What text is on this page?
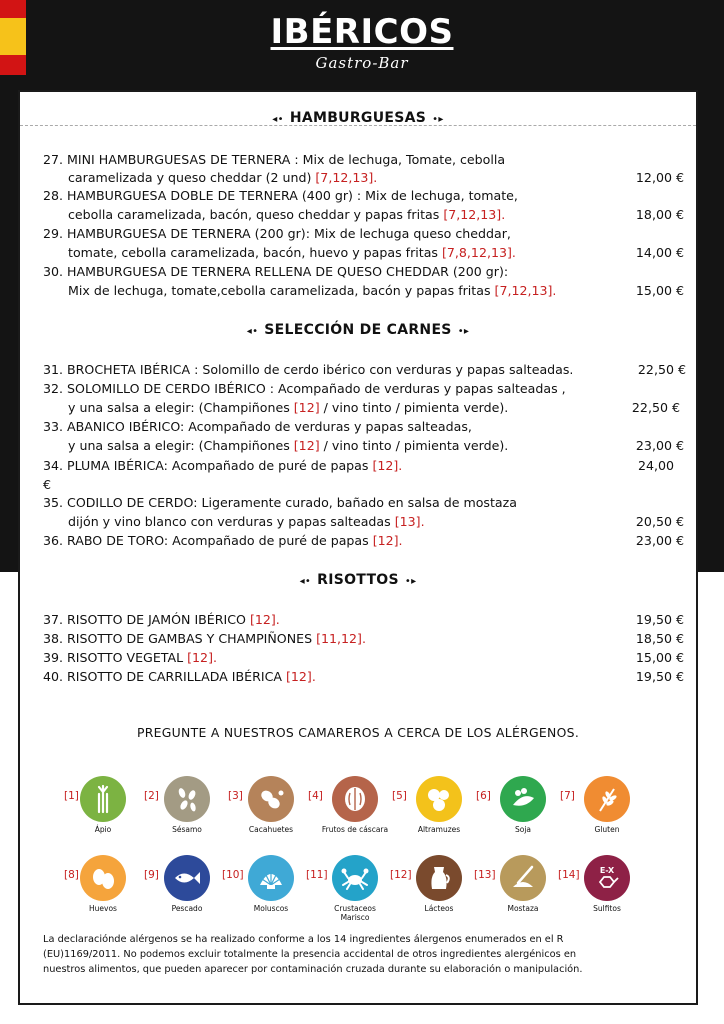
IBÉRICOS
Gastro-Bar
◂• HAMBURGUESAS •▸
27. MINI HAMBURGUESAS DE TERNERA : Mix de lechuga, Tomate, cebolla
caramelizada y queso cheddar (2 und) [7,12,13].	12,00 €
28. HAMBURGUESA DOBLE DE TERNERA (400 gr) : Mix de lechuga, tomate,
cebolla caramelizada, bacón, queso cheddar y papas fritas [7,12,13].	18,00 €
29. HAMBURGUESA DE TERNERA (200 gr): Mix de lechuga queso cheddar,
tomate, cebolla caramelizada, bacón, huevo y papas fritas [7,8,12,13].	14,00 €
30. HAMBURGUESA DE TERNERA RELLENA DE QUESO CHEDDAR (200 gr):
Mix de lechuga, tomate,cebolla caramelizada, bacón y papas fritas [7,12,13].	15,00 €
◂• SELECCIÓN DE CARNES •▸
31. BROCHETA IBÉRICA : Solomillo de cerdo ibérico con verduras y papas salteadas.	22,50 €
32. SOLOMILLO DE CERDO IBÉRICO : Acompañado de verduras y papas salteadas ,
y una salsa a elegir: (Champiñones [12] / vino tinto / pimienta verde).	22,50 €
33. ABANICO IBÉRICO: Acompañado de verduras y papas salteadas,
y una salsa a elegir: (Champiñones [12] / vino tinto / pimienta verde).	23,00 €
34. PLUMA IBÉRICA: Acompañado de puré de papas [12].	24,00
€
35. CODILLO DE CERDO: Ligeramente curado, bañado en salsa de mostaza
dijón y vino blanco con verduras y papas salteadas [13].	20,50 €
36. RABO DE TORO: Acompañado de puré de papas [12].	23,00 €
◂• RISOTTOS •▸
37. RISOTTO DE JAMÓN IBÉRICO [12].	19,50 €
38. RISOTTO DE GAMBAS Y CHAMPIÑONES [11,12].	18,50 €
39. RISOTTO VEGETAL [12].	15,00 €
40. RISOTTO DE CARRILLADA IBÉRICA [12].	19,50 €
PREGUNTE A NUESTROS CAMAREROS A CERCA DE LOS ALÉRGENOS.
[1]
Ápio
[2]
Sésamo
[3]
Cacahuetes
[4]
Frutos de cáscara
[5]
Altramuzes
[6]
Soja
[7]
Gluten
[8]
Huevos
[9]
Pescado
[10]
Moluscos
[11]
Crustaceos
Marisco
[12]
Lácteos
[13]
Mostaza
[14]	E-X
Sulfitos
La declaracióndе alérgenos se ha realizado conforme a los 14 ingredientes álergenos enumerados en el R
(EU)1169/2011. No podemos excluir totalmente la presencia accidental de otros ingredientes alergénicos en
nuestros alimentos, que pueden aparecer por contaminación cruzada durante su elaboración o manipulación.
